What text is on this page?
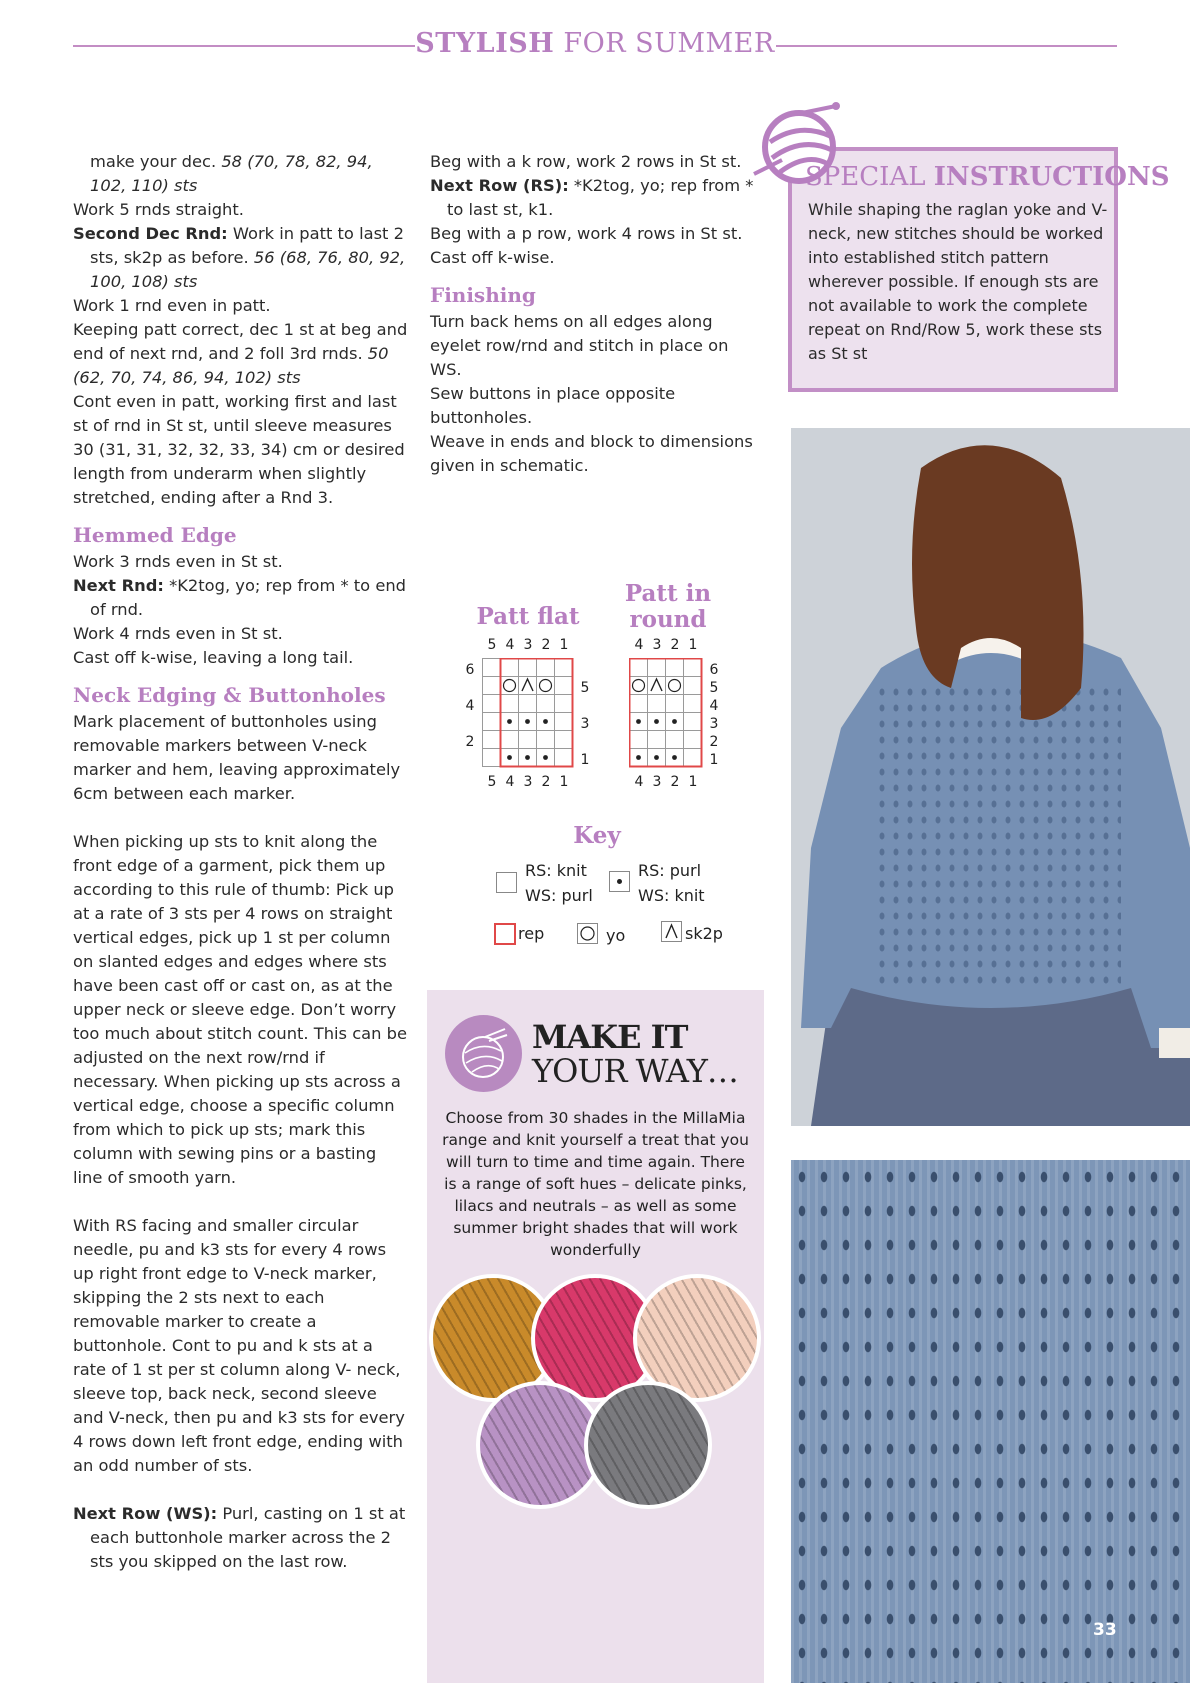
STYLISH FOR SUMMER

make your dec. 58 (70, 78, 82, 94, 102, 110) sts

Work 5 rnds straight.

Second Dec Rnd: Work in patt to last 2 sts, sk2p as before. 56 (68, 76, 80, 92, 100, 108) sts

Work 1 rnd even in patt.

Keeping patt correct, dec 1 st at beg and end of next rnd, and 2 foll 3rd rnds. 50 (62, 70, 74, 86, 94, 102) sts

Cont even in patt, working first and last st of rnd in St st, until sleeve measures 30 (31, 31, 32, 32, 33, 34) cm or desired length from underarm when slightly stretched, ending after a Rnd 3.

Hemmed Edge

Work 3 rnds even in St st.

Next Rnd: *K2tog, yo; rep from * to end of rnd.

Work 4 rnds even in St st.

Cast off k-wise, leaving a long tail.

Neck Edging & Buttonholes

Mark placement of buttonholes using removable markers between V-neck marker and hem, leaving approximately 6cm between each marker.

When picking up sts to knit along the front edge of a garment, pick them up according to this rule of thumb: Pick up at a rate of 3 sts per 4 rows on straight vertical edges, pick up 1 st per column on slanted edges and edges where sts have been cast off or cast on, as at the upper neck or sleeve edge. Don’t worry too much about stitch count. This can be adjusted on the next row/rnd if necessary. When picking up sts across a vertical edge, choose a specific column from which to pick up sts; mark this column with sewing pins or a basting line of smooth yarn.

With RS facing and smaller circular needle, pu and k3 sts for every 4 rows up right front edge to V-neck marker, skipping the 2 sts next to each removable marker to create a buttonhole. Cont to pu and k sts at a rate of 1 st per st column along V- neck, sleeve top, back neck, second sleeve and V-neck, then pu and k3 sts for every 4 rows down left front edge, ending with an odd number of sts.

Next Row (WS): Purl, casting on 1 st at each buttonhole marker across the 2 sts you skipped on the last row.

Beg with a k row, work 2 rows in St st.

Next Row (RS): *K2tog, yo; rep from * to last st, k1.

Beg with a p row, work 4 rows in St st.

Cast off k-wise.

Finishing

Turn back hems on all edges along eyelet row/rnd and stitch in place on WS.

Sew buttons in place opposite buttonholes.

Weave in ends and block to dimensions given in schematic.

SPECIAL INSTRUCTIONS
While shaping the raglan yoke and V-neck, new stitches should be worked into established stitch pattern wherever possible. If enough sts are not available to work the complete repeat on Rnd/Row 5, work these sts as St st
33
Patt flat
5 4 3 2 1
5 4 3 2 1
6
4
2
5
3
1
Patt in round
4 3 2 1
4 3 2 1
6
5
4
3
2
1
Key
RS: knit
WS: purl
RS: purl
WS: knit
rep	yo	sk2p
MAKE IT
YOUR WAY…
Choose from 30 shades in the MillaMia range and knit yourself a treat that you will turn to time and time again. There is a range of soft hues – delicate pinks, lilacs and neutrals – as well as some summer bright shades that will work wonderfully
